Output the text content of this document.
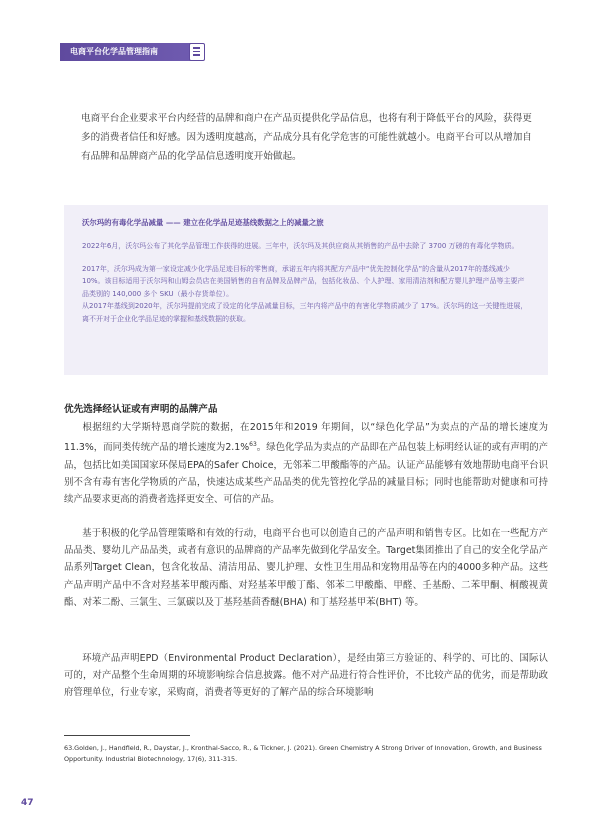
电商平台化学品管理指南
电商平台企业要求平台内经营的品牌和商户在产品页提供化学品信息，也将有利于降低平台的风险，获得更多的消费者信任和好感。因为透明度越高，产品成分具有化学危害的可能性就越小。电商平台可以从增加自有品牌和品牌商产品的化学品信息透明度开始做起。
沃尔玛的有毒化学品减量 —— 建立在化学品足迹基线数据之上的减量之旅

2022年6月，沃尔玛公布了其化学品管理工作获得的进展。三年中，沃尔玛及其供应商从其销售的产品中去除了 3700 万磅的有毒化学物质。

2017年，沃尔玛成为第一家设定减少化学品足迹目标的零售商，承诺五年内将其配方产品中“优先控制化学品”的含量从2017年的基线减少10%。该目标适用于沃尔玛和山姆会员店在美国销售的自有品牌及品牌产品，包括化妆品、个人护理、家用清洁剂和配方婴儿护理产品等主要产品类别的 140,000 多个 SKU（最小存货单位）。

从2017年基线到2020年，沃尔玛提前完成了设定的化学品减量目标，三年内将产品中的有害化学物质减少了 17%。沃尔玛的这一关键性进展，离不开对于企业化学品足迹的掌握和基线数据的获取。

优先选择经认证或有声明的品牌产品
根据纽约大学斯特恩商学院的数据，在2015年和2019 年期间，以“绿色化学品”为卖点的产品的增长速度为11.3%，而同类传统产品的增长速度为2.1%$^{63}$。绿色化学品为卖点的产品即在产品包装上标明经认证的或有声明的产品，包括比如美国国家环保局EPA的Safer Choice，无邻苯二甲酸酯等的产品。认证产品能够有效地帮助电商平台识别不含有毒有害化学物质的产品，快速达成某些产品品类的优先管控化学品的减量目标；同时也能帮助对健康和可持续产品要求更高的消费者选择更安全、可信的产品。
基于积极的化学品管理策略和有效的行动，电商平台也可以创造自己的产品声明和销售专区。比如在一些配方产品品类、婴幼儿产品品类，或者有意识的品牌商的产品率先做到化学品安全。Target集团推出了自己的安全化学品产品系列Target Clean，包含化妆品、清洁用品、婴儿护理、女性卫生用品和宠物用品等在内的4000多种产品。这些产品声明产品中不含对羟基苯甲酸丙酯、对羟基苯甲酸丁酯、邻苯二甲酸酯、甲醛、壬基酚、二苯甲酮、桐酸视黄酯、对苯二酚、三氯生、三氯碳以及丁基羟基茴香醚(BHA) 和丁基羟基甲苯(BHT) 等。
环境产品声明EPD（Environmental Product Declaration），是经由第三方验证的、科学的、可比的、国际认可的，对产品整个生命周期的环境影响综合信息披露。他不对产品进行符合性评价，不比较产品的优劣，而是帮助政府管理单位，行业专家，采购商，消费者等更好的了解产品的综合环境影响
63.Golden, J., Handfield, R., Daystar, J., Kronthal-Sacco, R., & Tickner, J. (2021). Green Chemistry A Strong Driver of Innovation, Growth, and Business Opportunity. Industrial Biotechnology, 17(6), 311-315.
47
